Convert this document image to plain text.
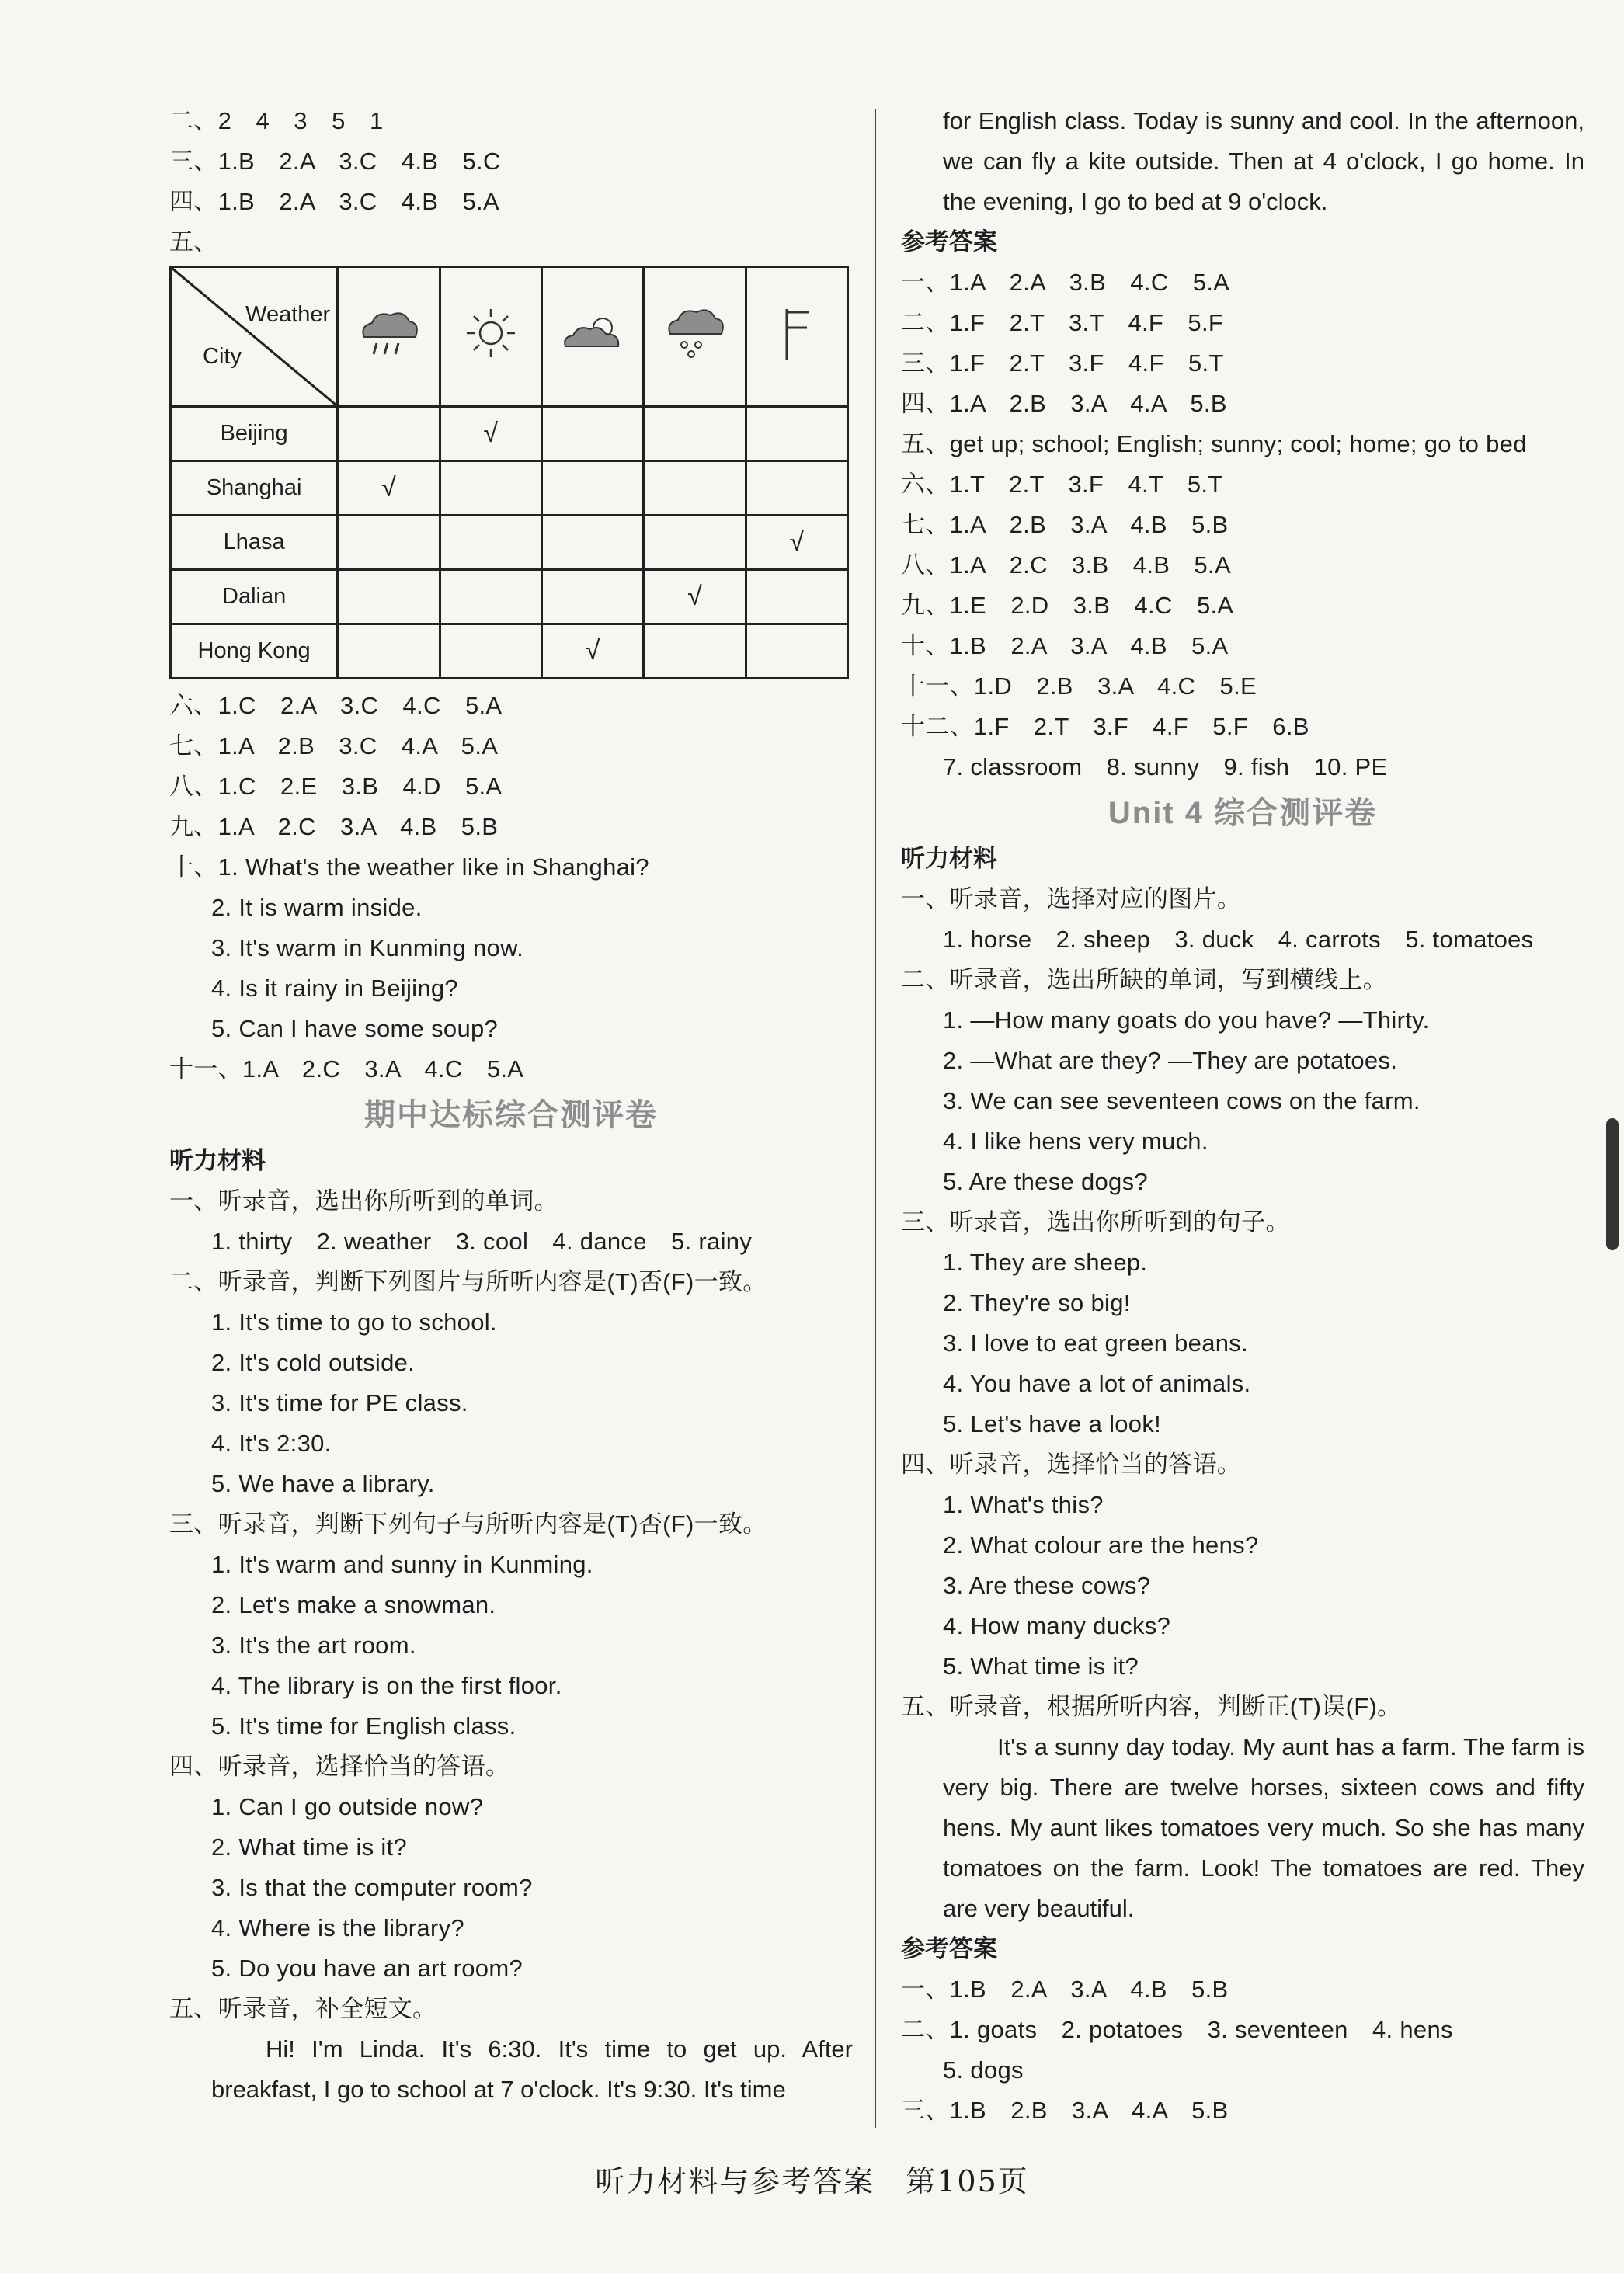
二、2　4　3　5　1
三、1.B　2.A　3.C　4.B　5.C
四、1.B　2.A　3.C　4.B　5.A
五、
Weather
City

Beijing		√			
Shanghai	√				
Lhasa					√
Dalian				√	
Hong Kong			√		
六、1.C　2.A　3.C　4.C　5.A
七、1.A　2.B　3.C　4.A　5.A
八、1.C　2.E　3.B　4.D　5.A
九、1.A　2.C　3.A　4.B　5.B
十、1. What's the weather like in Shanghai?
2. It is warm inside.
3. It's warm in Kunming now.
4. Is it rainy in Beijing?
5. Can I have some soup?
十一、1.A　2.C　3.A　4.C　5.A
期中达标综合测评卷
听力材料
一、听录音，选出你所听到的单词。
1. thirty　2. weather　3. cool　4. dance　5. rainy
二、听录音，判断下列图片与所听内容是(T)否(F)一致。
1. It's time to go to school.
2. It's cold outside.
3. It's time for PE class.
4. It's 2:30.
5. We have a library.
三、听录音，判断下列句子与所听内容是(T)否(F)一致。
1. It's warm and sunny in Kunming.
2. Let's make a snowman.
3. It's the art room.
4. The library is on the first floor.
5. It's time for English class.
四、听录音，选择恰当的答语。
1. Can I go outside now?
2. What time is it?
3. Is that the computer room?
4. Where is the library?
5. Do you have an art room?
五、听录音，补全短文。
Hi! I'm Linda. It's 6:30. It's time to get up. After breakfast, I go to school at 7 o'clock. It's 9:30. It's time
for English class. Today is sunny and cool. In the afternoon, we can fly a kite outside. Then at 4 o'clock, I go home. In the evening, I go to bed at 9 o'clock.
参考答案
一、1.A　2.A　3.B　4.C　5.A
二、1.F　2.T　3.T　4.F　5.F
三、1.F　2.T　3.F　4.F　5.T
四、1.A　2.B　3.A　4.A　5.B
五、get up; school; English; sunny; cool; home; go to bed
六、1.T　2.T　3.F　4.T　5.T
七、1.A　2.B　3.A　4.B　5.B
八、1.A　2.C　3.B　4.B　5.A
九、1.E　2.D　3.B　4.C　5.A
十、1.B　2.A　3.A　4.B　5.A
十一、1.D　2.B　3.A　4.C　5.E
十二、1.F　2.T　3.F　4.F　5.F　6.B
7. classroom　8. sunny　9. fish　10. PE
Unit 4 综合测评卷
听力材料
一、听录音，选择对应的图片。
1. horse　2. sheep　3. duck　4. carrots　5. tomatoes
二、听录音，选出所缺的单词，写到横线上。
1. —How many goats do you have? —Thirty.
2. —What are they? —They are potatoes.
3. We can see seventeen cows on the farm.
4. I like hens very much.
5. Are these dogs?
三、听录音，选出你所听到的句子。
1. They are sheep.
2. They're so big!
3. I love to eat green beans.
4. You have a lot of animals.
5. Let's have a look!
四、听录音，选择恰当的答语。
1. What's this?
2. What colour are the hens?
3. Are these cows?
4. How many ducks?
5. What time is it?
五、听录音，根据所听内容，判断正(T)误(F)。
It's a sunny day today. My aunt has a farm. The farm is very big. There are twelve horses, sixteen cows and fifty hens. My aunt likes tomatoes very much. So she has many tomatoes on the farm. Look! The tomatoes are red. They are very beautiful.
参考答案
一、1.B　2.A　3.A　4.B　5.B
二、1. goats　2. potatoes　3. seventeen　4. hens
5. dogs
三、1.B　2.B　3.A　4.A　5.B
听力材料与参考答案　第105页
